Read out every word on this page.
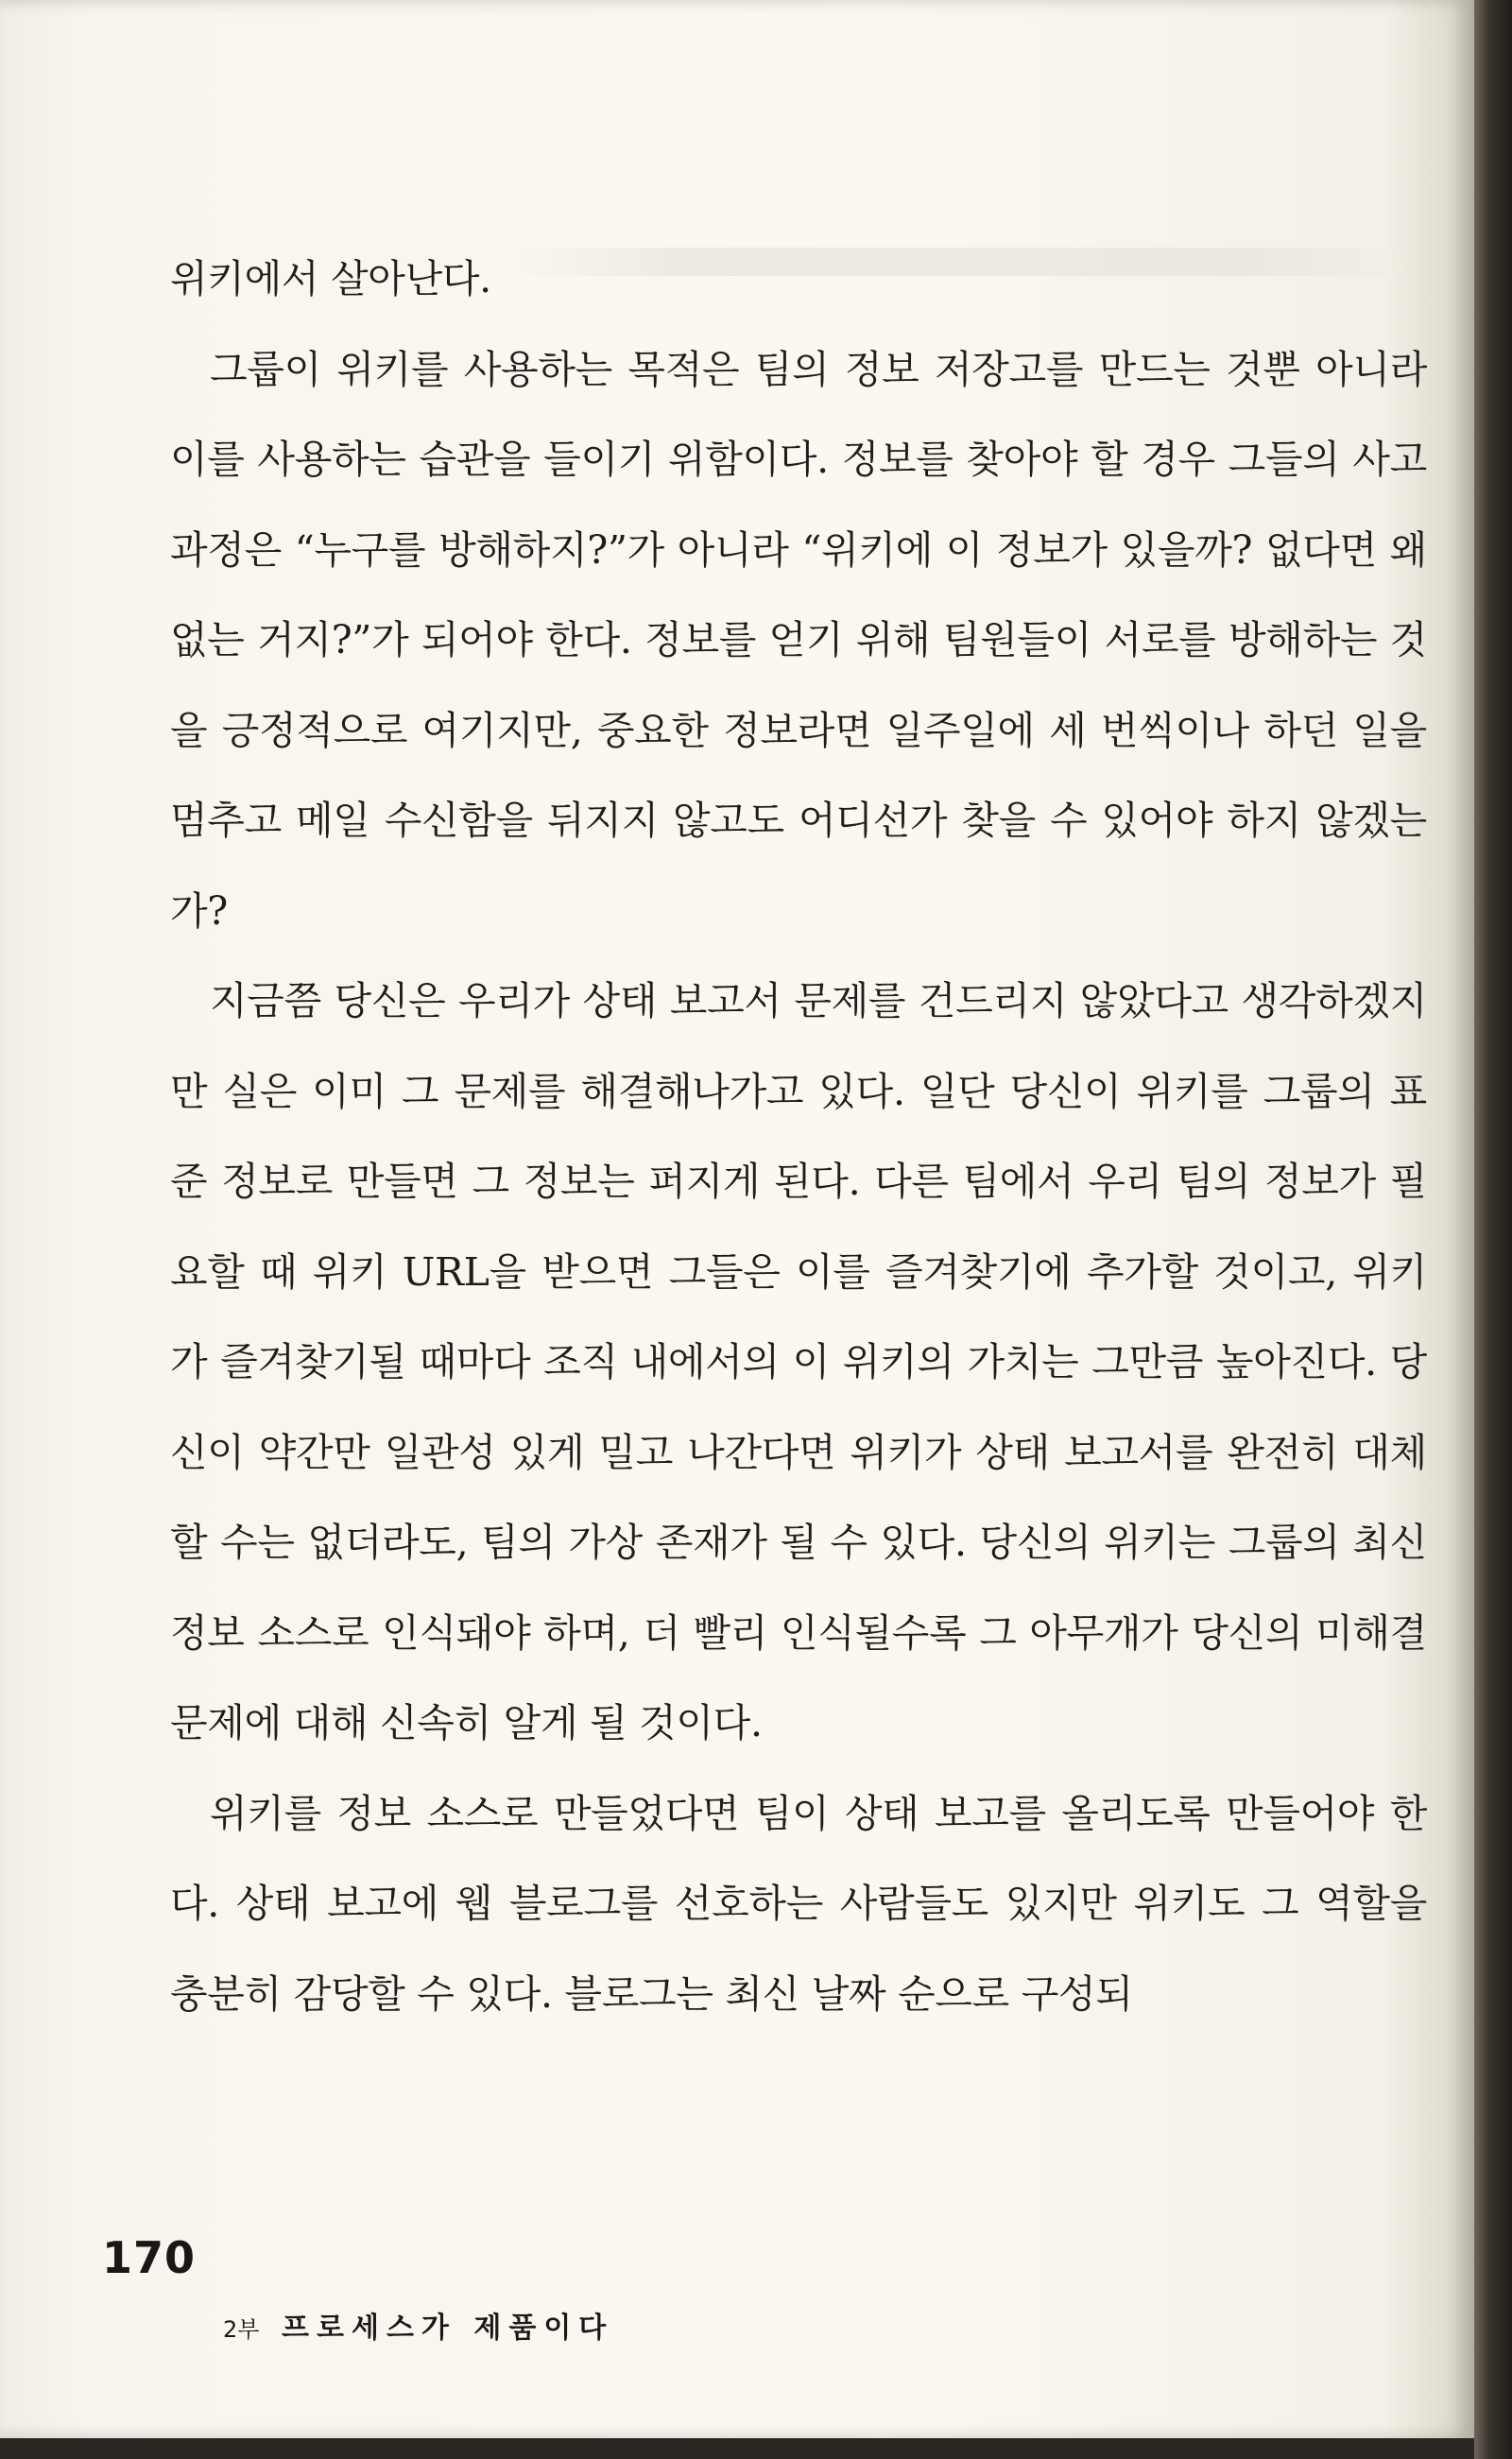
위키에서 살아난다.

그룹이 위키를 사용하는 목적은 팀의 정보 저장고를 만드는 것뿐 아니라 이를 사용하는 습관을 들이기 위함이다. 정보를 찾아야 할 경우 그들의 사고 과정은 “누구를 방해하지?”가 아니라 “위키에 이 정보가 있을까? 없다면 왜 없는 거지?”가 되어야 한다. 정보를 얻기 위해 팀원들이 서로를 방해하는 것을 긍정적으로 여기지만, 중요한 정보라면 일주일에 세 번씩이나 하던 일을 멈추고 메일 수신함을 뒤지지 않고도 어디선가 찾을 수 있어야 하지 않겠는가?

지금쯤 당신은 우리가 상태 보고서 문제를 건드리지 않았다고 생각하겠지만 실은 이미 그 문제를 해결해나가고 있다. 일단 당신이 위키를 그룹의 표준 정보로 만들면 그 정보는 퍼지게 된다. 다른 팀에서 우리 팀의 정보가 필요할 때 위키 URL을 받으면 그들은 이를 즐겨찾기에 추가할 것이고, 위키가 즐겨찾기될 때마다 조직 내에서의 이 위키의 가치는 그만큼 높아진다. 당신이 약간만 일관성 있게 밀고 나간다면 위키가 상태 보고서를 완전히 대체할 수는 없더라도, 팀의 가상 존재가 될 수 있다. 당신의 위키는 그룹의 최신 정보 소스로 인식돼야 하며, 더 빨리 인식될수록 그 아무개가 당신의 미해결 문제에 대해 신속히 알게 될 것이다.

위키를 정보 소스로 만들었다면 팀이 상태 보고를 올리도록 만들어야 한다. 상태 보고에 웹 블로그를 선호하는 사람들도 있지만 위키도 그 역할을 충분히 감당할 수 있다. 블로그는 최신 날짜 순으로 구성되

170
2부 프로세스가 제품이다
